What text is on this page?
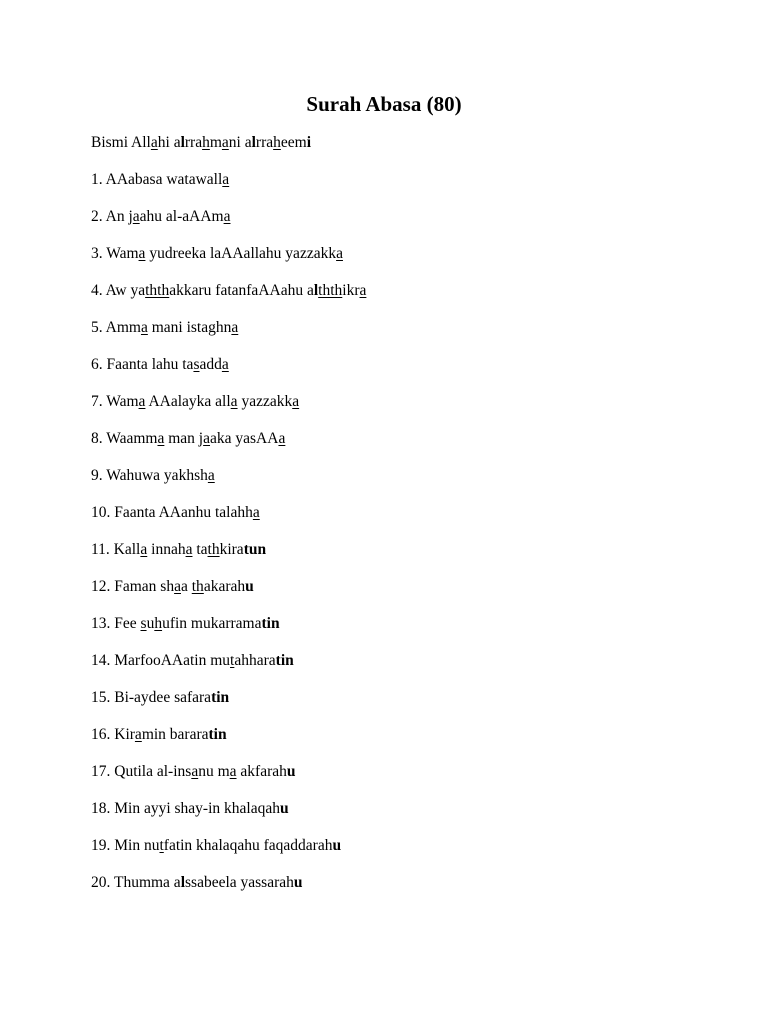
Surah Abasa (80)
Bismi Allahi alrrahmani alrraheemi
1. AAabasa watawalla
2. An jaahu al-aAAma
3. Wama yudreeka laAAallahu yazzakka
4. Aw yaththakkaru fatanfaAAahu alththikra
5. Amma mani istaghna
6. Faanta lahu tasadda
7. Wama AAalayka alla yazzakka
8. Waamma man jaaka yasAAa
9. Wahuwa yakhsha
10. Faanta AAanhu talahha
11. Kalla innaha tathkiratun
12. Faman shaa thakarahu
13. Fee suhufin mukarramatin
14. MarfooAAatin mutahharatin
15. Bi-aydee safaratin
16. Kiramin bararatin
17. Qutila al-insanu ma akfarahu
18. Min ayyi shay-in khalaqahu
19. Min nutfatin khalaqahu faqaddarahu
20. Thumma alssabeela yassarahu
